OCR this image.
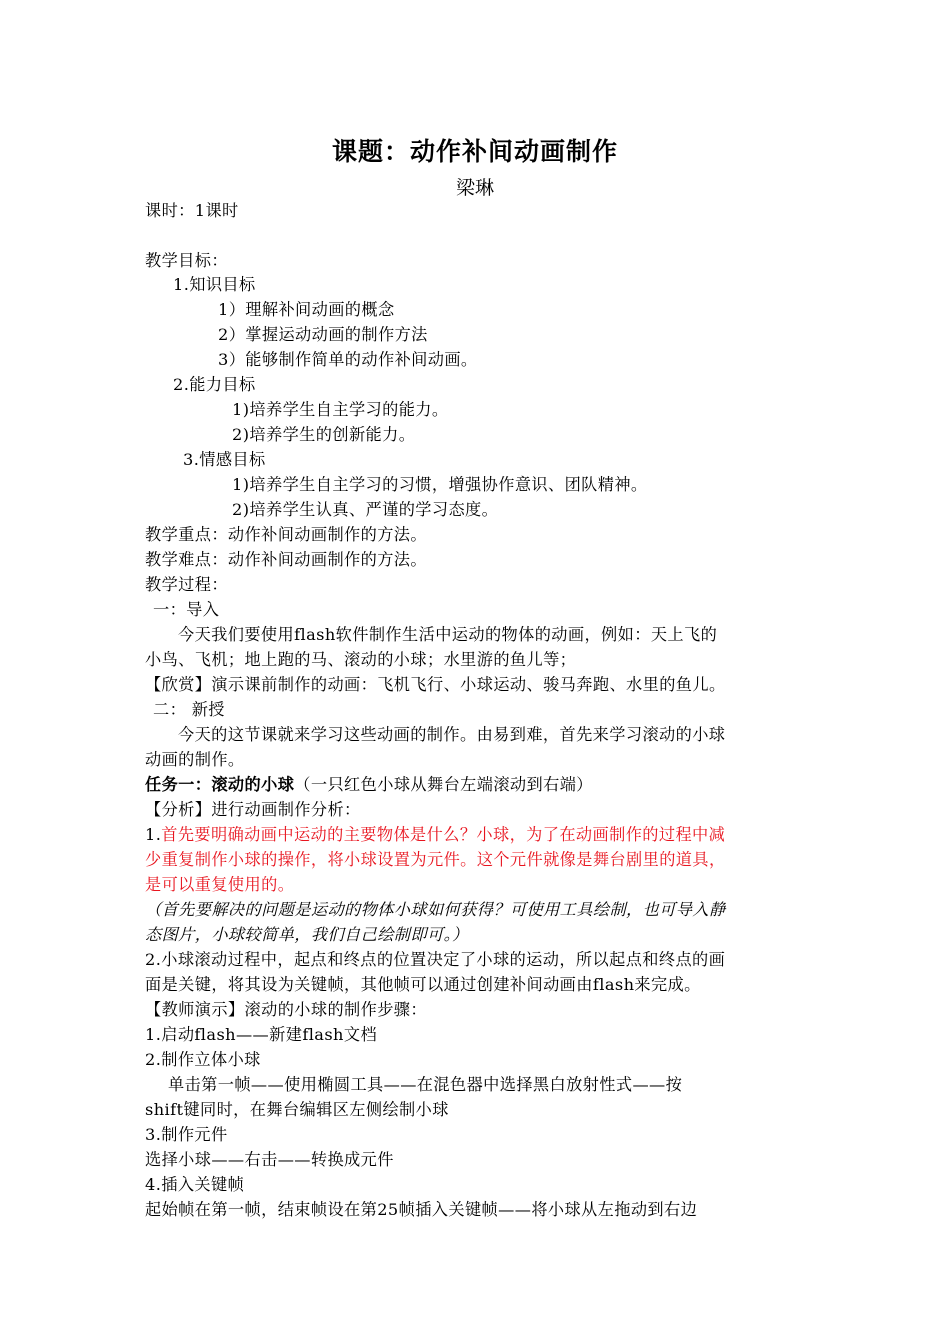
课题：动作补间动画制作
梁琳
课时：1课时
教学目标：
1.知识目标
1）理解补间动画的概念
2）掌握运动动画的制作方法
3）能够制作简单的动作补间动画。
2.能力目标
1)培养学生自主学习的能力。
2)培养学生的创新能力。
3.情感目标
1)培养学生自主学习的习惯，增强协作意识、团队精神。
2)培养学生认真、严谨的学习态度。
教学重点：动作补间动画制作的方法。
教学难点：动作补间动画制作的方法。
教学过程：
一：导入
今天我们要使用flash软件制作生活中运动的物体的动画，例如：天上飞的
小鸟、飞机；地上跑的马、滚动的小球；水里游的鱼儿等；
【欣赏】演示课前制作的动画：飞机飞行、小球运动、骏马奔跑、水里的鱼儿。
二： 新授
今天的这节课就来学习这些动画的制作。由易到难，首先来学习滚动的小球
动画的制作。
任务一：滚动的小球（一只红色小球从舞台左端滚动到右端）
【分析】进行动画制作分析：
1.首先要明确动画中运动的主要物体是什么？小球，为了在动画制作的过程中减
少重复制作小球的操作，将小球设置为元件。这个元件就像是舞台剧里的道具，
是可以重复使用的。
（首先要解决的问题是运动的物体小球如何获得？可使用工具绘制，也可导入静
态图片，小球较简单，我们自己绘制即可。）
2.小球滚动过程中，起点和终点的位置决定了小球的运动，所以起点和终点的画
面是关键，将其设为关键帧，其他帧可以通过创建补间动画由flash来完成。
【教师演示】滚动的小球的制作步骤：
1.启动flash——新建flash文档
2.制作立体小球
单击第一帧——使用椭圆工具——在混色器中选择黑白放射性式——按
shift键同时，在舞台编辑区左侧绘制小球
3.制作元件
选择小球——右击——转换成元件
4.插入关键帧
起始帧在第一帧，结束帧设在第25帧插入关键帧——将小球从左拖动到右边
